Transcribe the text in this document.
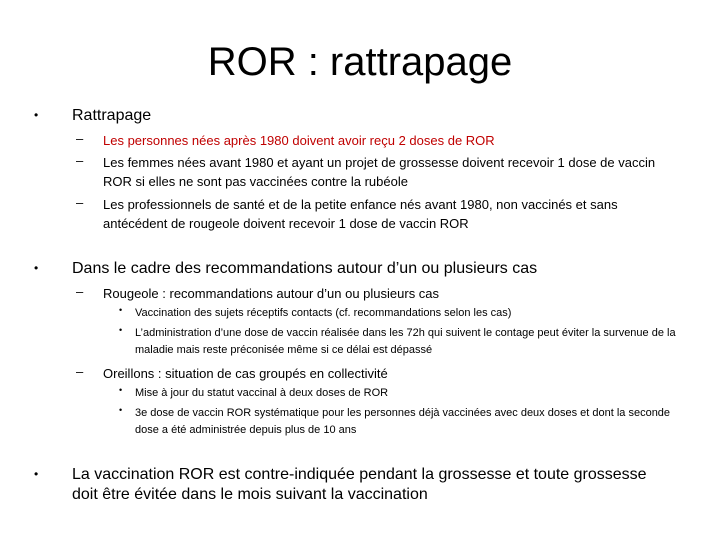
ROR : rattrapage
• Rattrapage
– Les personnes nées après 1980 doivent avoir reçu 2 doses de ROR
– Les femmes nées avant 1980 et ayant un projet de grossesse doivent recevoir 1 dose de vaccin ROR si elles ne sont pas vaccinées contre la rubéole
– Les professionnels de santé et de la petite enfance nés avant 1980, non vaccinés et sans antécédent de rougeole doivent recevoir 1 dose de vaccin ROR
• Dans le cadre des recommandations autour d’un ou plusieurs cas
– Rougeole : recommandations autour d’un ou plusieurs cas
• Vaccination des sujets réceptifs contacts (cf. recommandations selon les cas)
• L’administration d’une dose de vaccin réalisée dans les 72h qui suivent le contage peut éviter la survenue de la maladie mais reste préconisée même si ce délai est dépassé
– Oreillons : situation de cas groupés en collectivité
• Mise à jour du statut vaccinal à deux doses de ROR
• 3e dose de vaccin ROR systématique pour les personnes déjà vaccinées avec deux doses et dont la seconde dose a été administrée depuis plus de 10 ans
• La vaccination ROR est contre-indiquée pendant la grossesse et toute grossesse doit être évitée dans le mois suivant la vaccination
